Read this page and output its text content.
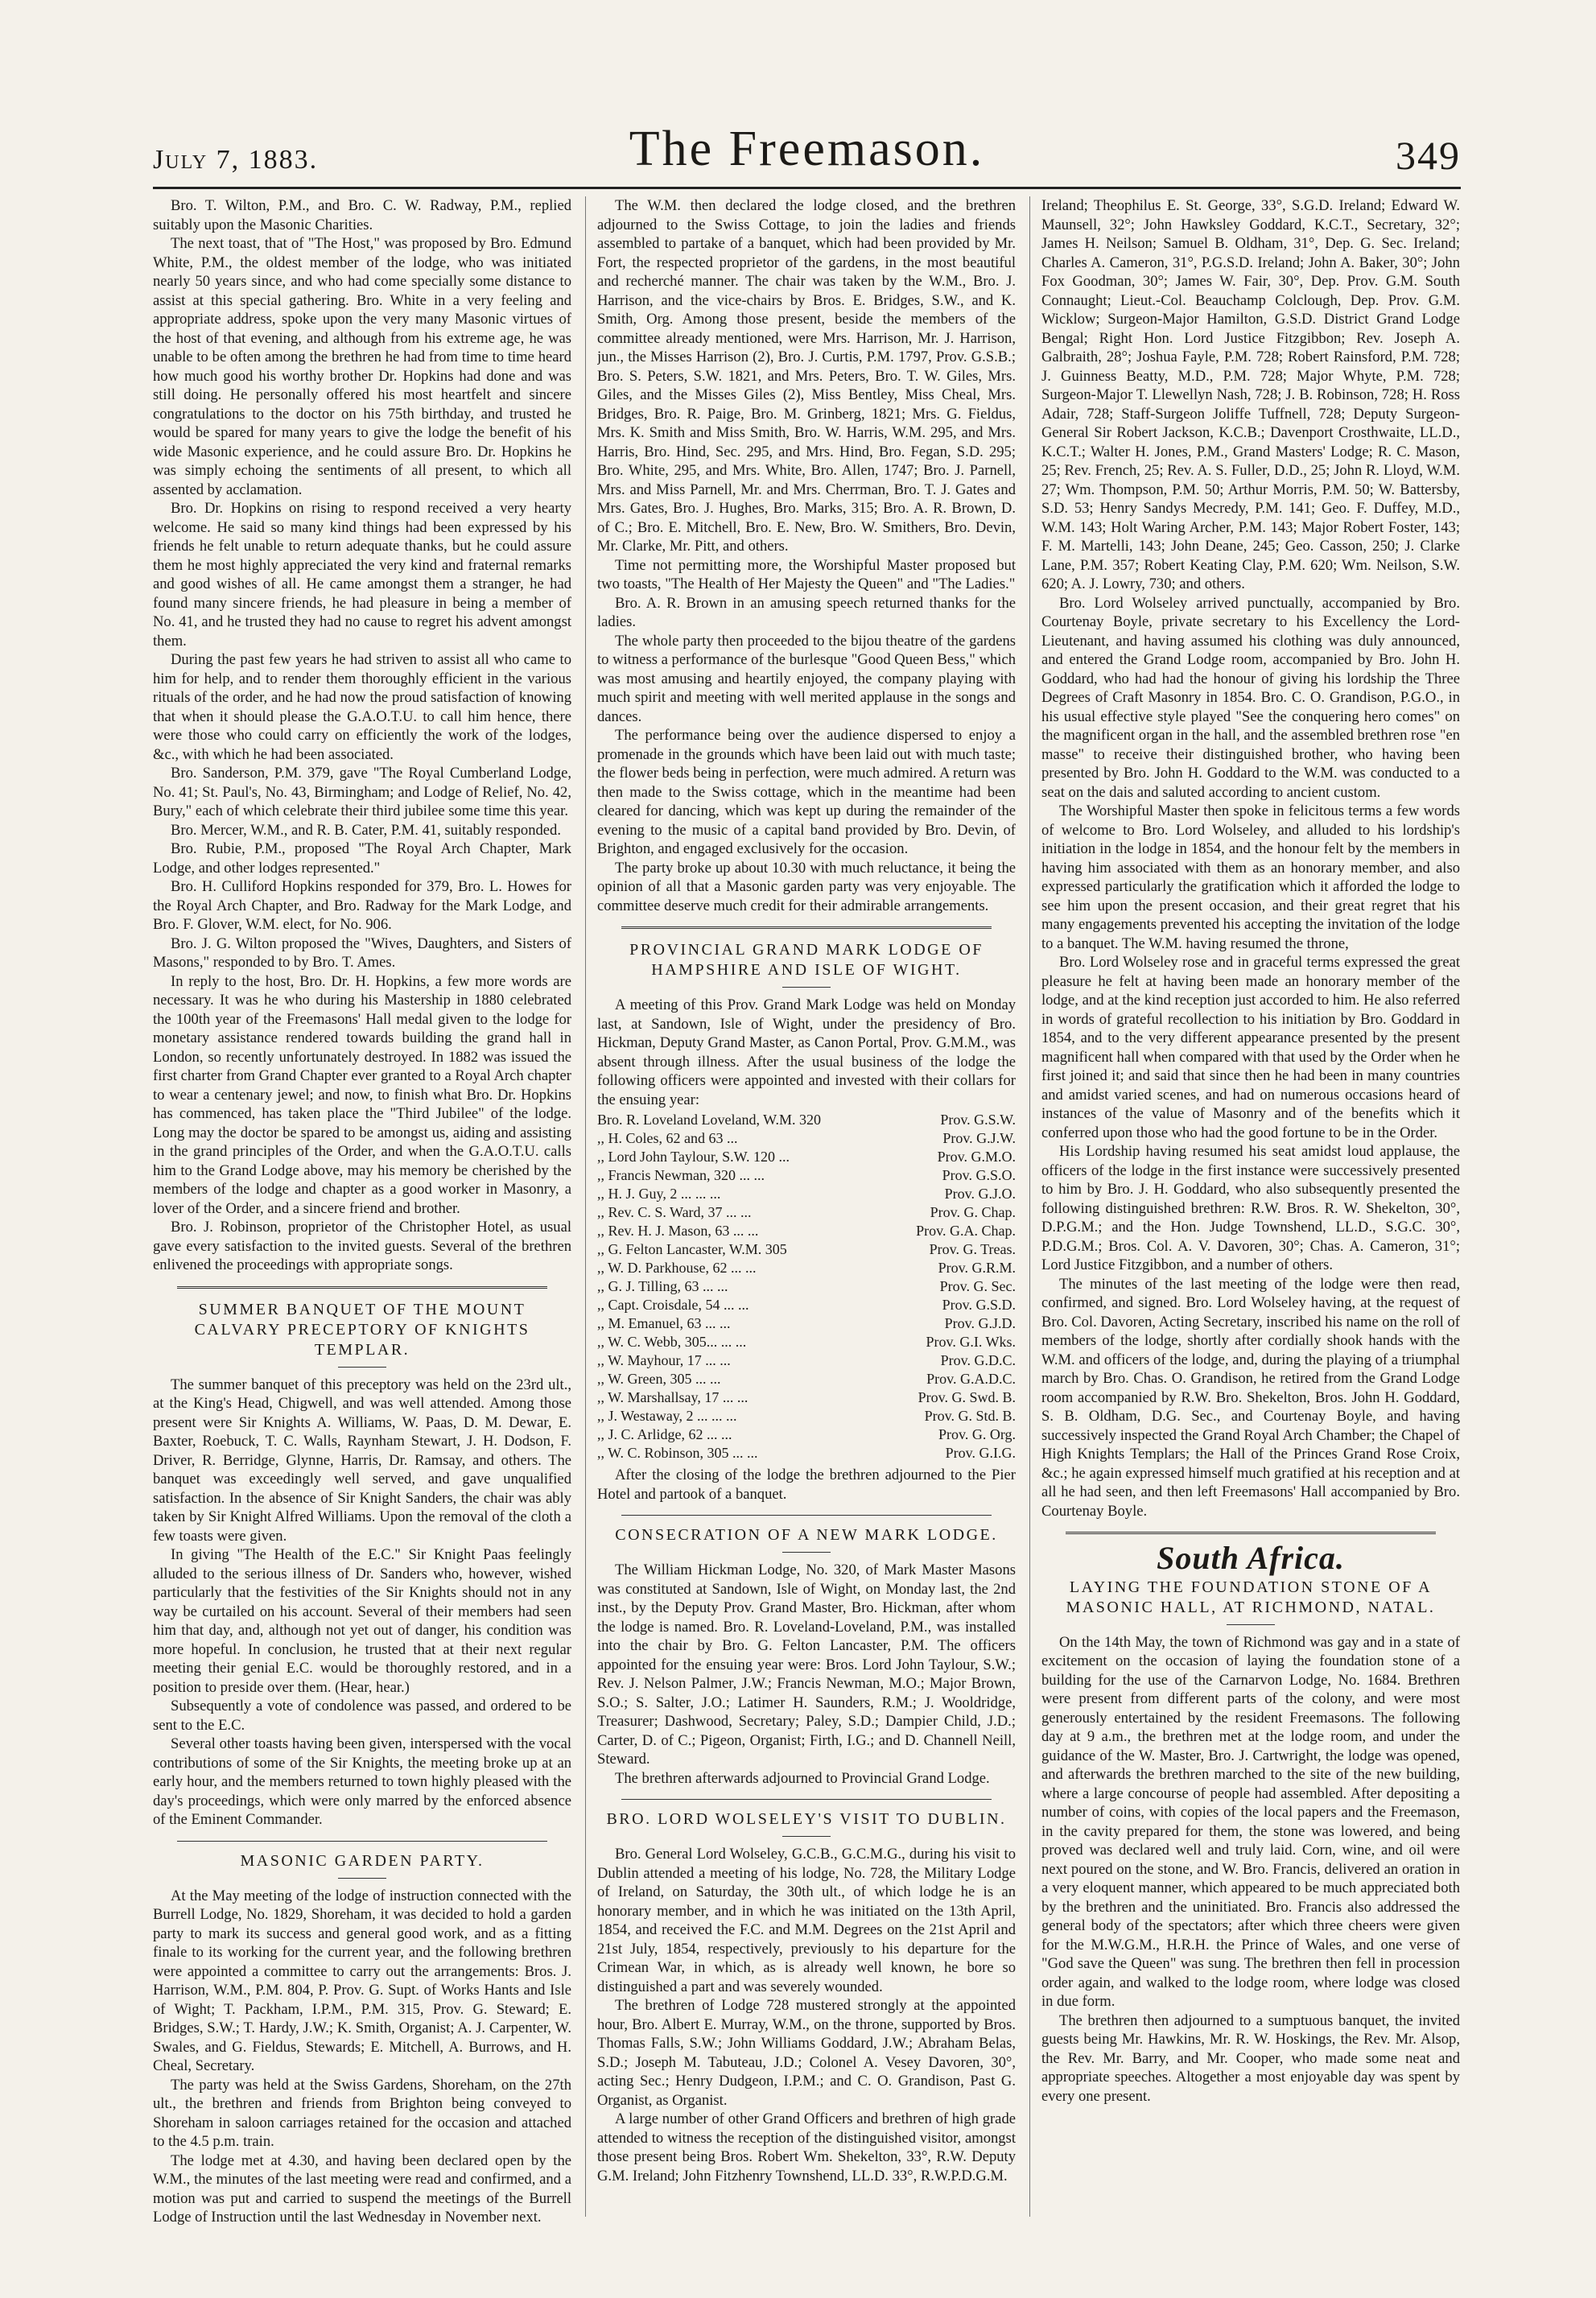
July 7, 1883.	The Freemason.	349

Bro. T. Wilton, P.M., and Bro. C. W. Radway, P.M., replied suitably upon the Masonic Charities.

The next toast, that of "The Host," was proposed by Bro. Edmund White, P.M., the oldest member of the lodge, who was initiated nearly 50 years since, and who had come specially some distance to assist at this special gathering. Bro. White in a very feeling and appropriate address, spoke upon the very many Masonic virtues of the host of that evening, and although from his extreme age, he was unable to be often among the brethren he had from time to time heard how much good his worthy brother Dr. Hopkins had done and was still doing. He personally offered his most heartfelt and sincere congratulations to the doctor on his 75th birthday, and trusted he would be spared for many years to give the lodge the benefit of his wide Masonic experience, and he could assure Bro. Dr. Hopkins he was simply echoing the sentiments of all present, to which all assented by acclamation.

Bro. Dr. Hopkins on rising to respond received a very hearty welcome. He said so many kind things had been expressed by his friends he felt unable to return adequate thanks, but he could assure them he most highly appreciated the very kind and fraternal remarks and good wishes of all. He came amongst them a stranger, he had found many sincere friends, he had pleasure in being a member of No. 41, and he trusted they had no cause to regret his advent amongst them.

During the past few years he had striven to assist all who came to him for help, and to render them thoroughly efficient in the various rituals of the order, and he had now the proud satisfaction of knowing that when it should please the G.A.O.T.U. to call him hence, there were those who could carry on efficiently the work of the lodges, &c., with which he had been associated.

Bro. Sanderson, P.M. 379, gave "The Royal Cumberland Lodge, No. 41; St. Paul's, No. 43, Birmingham; and Lodge of Relief, No. 42, Bury," each of which celebrate their third jubilee some time this year.

Bro. Mercer, W.M., and R. B. Cater, P.M. 41, suitably responded.

Bro. Rubie, P.M., proposed "The Royal Arch Chapter, Mark Lodge, and other lodges represented."

Bro. H. Culliford Hopkins responded for 379, Bro. L. Howes for the Royal Arch Chapter, and Bro. Radway for the Mark Lodge, and Bro. F. Glover, W.M. elect, for No. 906.

Bro. J. G. Wilton proposed the "Wives, Daughters, and Sisters of Masons," responded to by Bro. T. Ames.

In reply to the host, Bro. Dr. H. Hopkins, a few more words are necessary. It was he who during his Mastership in 1880 celebrated the 100th year of the Freemasons' Hall medal given to the lodge for monetary assistance rendered towards building the grand hall in London, so recently unfortunately destroyed. In 1882 was issued the first charter from Grand Chapter ever granted to a Royal Arch chapter to wear a centenary jewel; and now, to finish what Bro. Dr. Hopkins has commenced, has taken place the "Third Jubilee" of the lodge. Long may the doctor be spared to be amongst us, aiding and assisting in the grand principles of the Order, and when the G.A.O.T.U. calls him to the Grand Lodge above, may his memory be cherished by the members of the lodge and chapter as a good worker in Masonry, a lover of the Order, and a sincere friend and brother.

Bro. J. Robinson, proprietor of the Christopher Hotel, as usual gave every satisfaction to the invited guests. Several of the brethren enlivened the proceedings with appropriate songs.

SUMMER BANQUET OF THE MOUNT CALVARY PRECEPTORY OF KNIGHTS TEMPLAR.

The summer banquet of this preceptory was held on the 23rd ult., at the King's Head, Chigwell, and was well attended. Among those present were Sir Knights A. Williams, W. Paas, D. M. Dewar, E. Baxter, Roebuck, T. C. Walls, Raynham Stewart, J. H. Dodson, F. Driver, R. Berridge, Glynne, Harris, Dr. Ramsay, and others. The banquet was exceedingly well served, and gave unqualified satisfaction. In the absence of Sir Knight Sanders, the chair was ably taken by Sir Knight Alfred Williams. Upon the removal of the cloth a few toasts were given.

In giving "The Health of the E.C." Sir Knight Paas feelingly alluded to the serious illness of Dr. Sanders who, however, wished particularly that the festivities of the Sir Knights should not in any way be curtailed on his account. Several of their members had seen him that day, and, although not yet out of danger, his condition was more hopeful. In conclusion, he trusted that at their next regular meeting their genial E.C. would be thoroughly restored, and in a position to preside over them. (Hear, hear.)

Subsequently a vote of condolence was passed, and ordered to be sent to the E.C.

Several other toasts having been given, interspersed with the vocal contributions of some of the Sir Knights, the meeting broke up at an early hour, and the members returned to town highly pleased with the day's proceedings, which were only marred by the enforced absence of the Eminent Commander.

MASONIC GARDEN PARTY.

At the May meeting of the lodge of instruction connected with the Burrell Lodge, No. 1829, Shoreham, it was decided to hold a garden party to mark its success and general good work, and as a fitting finale to its working for the current year, and the following brethren were appointed a committee to carry out the arrangements: Bros. J. Harrison, W.M., P.M. 804, P. Prov. G. Supt. of Works Hants and Isle of Wight; T. Packham, I.P.M., P.M. 315, Prov. G. Steward; E. Bridges, S.W.; T. Hardy, J.W.; K. Smith, Organist; A. J. Carpenter, W. Swales, and G. Fieldus, Stewards; E. Mitchell, A. Burrows, and H. Cheal, Secretary.

The party was held at the Swiss Gardens, Shoreham, on the 27th ult., the brethren and friends from Brighton being conveyed to Shoreham in saloon carriages retained for the occasion and attached to the 4.5 p.m. train.

The lodge met at 4.30, and having been declared open by the W.M., the minutes of the last meeting were read and confirmed, and a motion was put and carried to suspend the meetings of the Burrell Lodge of Instruction until the last Wednesday in November next.

The W.M. then declared the lodge closed, and the brethren adjourned to the Swiss Cottage, to join the ladies and friends assembled to partake of a banquet, which had been provided by Mr. Fort, the respected proprietor of the gardens, in the most beautiful and recherché manner. The chair was taken by the W.M., Bro. J. Harrison, and the vice-chairs by Bros. E. Bridges, S.W., and K. Smith, Org. Among those present, beside the members of the committee already mentioned, were Mrs. Harrison, Mr. J. Harrison, jun., the Misses Harrison (2), Bro. J. Curtis, P.M. 1797, Prov. G.S.B.; Bro. S. Peters, S.W. 1821, and Mrs. Peters, Bro. T. W. Giles, Mrs. Giles, and the Misses Giles (2), Miss Bentley, Miss Cheal, Mrs. Bridges, Bro. R. Paige, Bro. M. Grinberg, 1821; Mrs. G. Fieldus, Mrs. K. Smith and Miss Smith, Bro. W. Harris, W.M. 295, and Mrs. Harris, Bro. Hind, Sec. 295, and Mrs. Hind, Bro. Fegan, S.D. 295; Bro. White, 295, and Mrs. White, Bro. Allen, 1747; Bro. J. Parnell, Mrs. and Miss Parnell, Mr. and Mrs. Cherrman, Bro. T. J. Gates and Mrs. Gates, Bro. J. Hughes, Bro. Marks, 315; Bro. A. R. Brown, D. of C.; Bro. E. Mitchell, Bro. E. New, Bro. W. Smithers, Bro. Devin, Mr. Clarke, Mr. Pitt, and others.

Time not permitting more, the Worshipful Master proposed but two toasts, "The Health of Her Majesty the Queen" and "The Ladies."

Bro. A. R. Brown in an amusing speech returned thanks for the ladies.

The whole party then proceeded to the bijou theatre of the gardens to witness a performance of the burlesque "Good Queen Bess," which was most amusing and heartily enjoyed, the company playing with much spirit and meeting with well merited applause in the songs and dances.

The performance being over the audience dispersed to enjoy a promenade in the grounds which have been laid out with much taste; the flower beds being in perfection, were much admired. A return was then made to the Swiss cottage, which in the meantime had been cleared for dancing, which was kept up during the remainder of the evening to the music of a capital band provided by Bro. Devin, of Brighton, and engaged exclusively for the occasion.

The party broke up about 10.30 with much reluctance, it being the opinion of all that a Masonic garden party was very enjoyable. The committee deserve much credit for their admirable arrangements.

PROVINCIAL GRAND MARK LODGE OF HAMPSHIRE AND ISLE OF WIGHT.

A meeting of this Prov. Grand Mark Lodge was held on Monday last, at Sandown, Isle of Wight, under the presidency of Bro. Hickman, Deputy Grand Master, as Canon Portal, Prov. G.M.M., was absent through illness. After the usual business of the lodge the following officers were appointed and invested with their collars for the ensuing year:

Bro. R. Loveland Loveland, W.M. 320	Prov. G.S.W.
,, H. Coles, 62 and 63 ...	Prov. G.J.W.
,, Lord John Taylour, S.W. 120 ...	Prov. G.M.O.
,, Francis Newman, 320 ... ...	Prov. G.S.O.
,, H. J. Guy, 2 ... ... ...	Prov. G.J.O.
,, Rev. C. S. Ward, 37 ... ...	Prov. G. Chap.
,, Rev. H. J. Mason, 63 ... ...	Prov. G.A. Chap.
,, G. Felton Lancaster, W.M. 305	Prov. G. Treas.
,, W. D. Parkhouse, 62 ... ...	Prov. G.R.M.
,, G. J. Tilling, 63 ... ...	Prov. G. Sec.
,, Capt. Croisdale, 54 ... ...	Prov. G.S.D.
,, M. Emanuel, 63 ... ...	Prov. G.J.D.
,, W. C. Webb, 305... ... ...	Prov. G.I. Wks.
,, W. Mayhour, 17 ... ...	Prov. G.D.C.
,, W. Green, 305 ... ...	Prov. G.A.D.C.
,, W. Marshallsay, 17 ... ...	Prov. G. Swd. B.
,, J. Westaway, 2 ... ... ...	Prov. G. Std. B.
,, J. C. Arlidge, 62 ... ...	Prov. G. Org.
,, W. C. Robinson, 305 ... ...	Prov. G.I.G.

After the closing of the lodge the brethren adjourned to the Pier Hotel and partook of a banquet.

CONSECRATION OF A NEW MARK LODGE.

The William Hickman Lodge, No. 320, of Mark Master Masons was constituted at Sandown, Isle of Wight, on Monday last, the 2nd inst., by the Deputy Prov. Grand Master, Bro. Hickman, after whom the lodge is named. Bro. R. Loveland-Loveland, P.M., was installed into the chair by Bro. G. Felton Lancaster, P.M. The officers appointed for the ensuing year were: Bros. Lord John Taylour, S.W.; Rev. J. Nelson Palmer, J.W.; Francis Newman, M.O.; Major Brown, S.O.; S. Salter, J.O.; Latimer H. Saunders, R.M.; J. Wooldridge, Treasurer; Dashwood, Secretary; Paley, S.D.; Dampier Child, J.D.; Carter, D. of C.; Pigeon, Organist; Firth, I.G.; and D. Channell Neill, Steward.

The brethren afterwards adjourned to Provincial Grand Lodge.

BRO. LORD WOLSELEY'S VISIT TO DUBLIN.

Bro. General Lord Wolseley, G.C.B., G.C.M.G., during his visit to Dublin attended a meeting of his lodge, No. 728, the Military Lodge of Ireland, on Saturday, the 30th ult., of which lodge he is an honorary member, and in which he was initiated on the 13th April, 1854, and received the F.C. and M.M. Degrees on the 21st April and 21st July, 1854, respectively, previously to his departure for the Crimean War, in which, as is already well known, he bore so distinguished a part and was severely wounded.

The brethren of Lodge 728 mustered strongly at the appointed hour, Bro. Albert E. Murray, W.M., on the throne, supported by Bros. Thomas Falls, S.W.; John Williams Goddard, J.W.; Abraham Belas, S.D.; Joseph M. Tabuteau, J.D.; Colonel A. Vesey Davoren, 30°, acting Sec.; Henry Dudgeon, I.P.M.; and C. O. Grandison, Past G. Organist, as Organist.

A large number of other Grand Officers and brethren of high grade attended to witness the reception of the distinguished visitor, amongst those present being Bros. Robert Wm. Shekelton, 33°, R.W. Deputy G.M. Ireland; John Fitzhenry Townshend, LL.D. 33°, R.W.P.D.G.M.

Ireland; Theophilus E. St. George, 33°, S.G.D. Ireland; Edward W. Maunsell, 32°; John Hawksley Goddard, K.C.T., Secretary, 32°; James H. Neilson; Samuel B. Oldham, 31°, Dep. G. Sec. Ireland; Charles A. Cameron, 31°, P.G.S.D. Ireland; John A. Baker, 30°; John Fox Goodman, 30°; James W. Fair, 30°, Dep. Prov. G.M. South Connaught; Lieut.-Col. Beauchamp Colclough, Dep. Prov. G.M. Wicklow; Surgeon-Major Hamilton, G.S.D. District Grand Lodge Bengal; Right Hon. Lord Justice Fitzgibbon; Rev. Joseph A. Galbraith, 28°; Joshua Fayle, P.M. 728; Robert Rainsford, P.M. 728; J. Guinness Beatty, M.D., P.M. 728; Major Whyte, P.M. 728; Surgeon-Major T. Llewellyn Nash, 728; J. B. Robinson, 728; H. Ross Adair, 728; Staff-Surgeon Joliffe Tuffnell, 728; Deputy Surgeon-General Sir Robert Jackson, K.C.B.; Davenport Crosthwaite, LL.D., K.C.T.; Walter H. Jones, P.M., Grand Masters' Lodge; R. C. Mason, 25; Rev. French, 25; Rev. A. S. Fuller, D.D., 25; John R. Lloyd, W.M. 27; Wm. Thompson, P.M. 50; Arthur Morris, P.M. 50; W. Battersby, S.D. 53; Henry Sandys Mecredy, P.M. 141; Geo. F. Duffey, M.D., W.M. 143; Holt Waring Archer, P.M. 143; Major Robert Foster, 143; F. M. Martelli, 143; John Deane, 245; Geo. Casson, 250; J. Clarke Lane, P.M. 357; Robert Keating Clay, P.M. 620; Wm. Neilson, S.W. 620; A. J. Lowry, 730; and others.

Bro. Lord Wolseley arrived punctually, accompanied by Bro. Courtenay Boyle, private secretary to his Excellency the Lord-Lieutenant, and having assumed his clothing was duly announced, and entered the Grand Lodge room, accompanied by Bro. John H. Goddard, who had had the honour of giving his lordship the Three Degrees of Craft Masonry in 1854. Bro. C. O. Grandison, P.G.O., in his usual effective style played "See the conquering hero comes" on the magnificent organ in the hall, and the assembled brethren rose "en masse" to receive their distinguished brother, who having been presented by Bro. John H. Goddard to the W.M. was conducted to a seat on the dais and saluted according to ancient custom.

The Worshipful Master then spoke in felicitous terms a few words of welcome to Bro. Lord Wolseley, and alluded to his lordship's initiation in the lodge in 1854, and the honour felt by the members in having him associated with them as an honorary member, and also expressed particularly the gratification which it afforded the lodge to see him upon the present occasion, and their great regret that his many engagements prevented his accepting the invitation of the lodge to a banquet. The W.M. having resumed the throne,

Bro. Lord Wolseley rose and in graceful terms expressed the great pleasure he felt at having been made an honorary member of the lodge, and at the kind reception just accorded to him. He also referred in words of grateful recollection to his initiation by Bro. Goddard in 1854, and to the very different appearance presented by the present magnificent hall when compared with that used by the Order when he first joined it; and said that since then he had been in many countries and amidst varied scenes, and had on numerous occasions heard of instances of the value of Masonry and of the benefits which it conferred upon those who had the good fortune to be in the Order.

His Lordship having resumed his seat amidst loud applause, the officers of the lodge in the first instance were successively presented to him by Bro. J. H. Goddard, who also subsequently presented the following distinguished brethren: R.W. Bros. R. W. Shekelton, 30°, D.P.G.M.; and the Hon. Judge Townshend, LL.D., S.G.C. 30°, P.D.G.M.; Bros. Col. A. V. Davoren, 30°; Chas. A. Cameron, 31°; Lord Justice Fitzgibbon, and a number of others.

The minutes of the last meeting of the lodge were then read, confirmed, and signed. Bro. Lord Wolseley having, at the request of Bro. Col. Davoren, Acting Secretary, inscribed his name on the roll of members of the lodge, shortly after cordially shook hands with the W.M. and officers of the lodge, and, during the playing of a triumphal march by Bro. Chas. O. Grandison, he retired from the Grand Lodge room accompanied by R.W. Bro. Shekelton, Bros. John H. Goddard, S. B. Oldham, D.G. Sec., and Courtenay Boyle, and having successively inspected the Grand Royal Arch Chamber; the Chapel of High Knights Templars; the Hall of the Princes Grand Rose Croix, &c.; he again expressed himself much gratified at his reception and at all he had seen, and then left Freemasons' Hall accompanied by Bro. Courtenay Boyle.

South Africa.
LAYING THE FOUNDATION STONE OF A MASONIC HALL, AT RICHMOND, NATAL.

On the 14th May, the town of Richmond was gay and in a state of excitement on the occasion of laying the foundation stone of a building for the use of the Carnarvon Lodge, No. 1684. Brethren were present from different parts of the colony, and were most generously entertained by the resident Freemasons. The following day at 9 a.m., the brethren met at the lodge room, and under the guidance of the W. Master, Bro. J. Cartwright, the lodge was opened, and afterwards the brethren marched to the site of the new building, where a large concourse of people had assembled. After depositing a number of coins, with copies of the local papers and the Freemason, in the cavity prepared for them, the stone was lowered, and being proved was declared well and truly laid. Corn, wine, and oil were next poured on the stone, and W. Bro. Francis, delivered an oration in a very eloquent manner, which appeared to be much appreciated both by the brethren and the uninitiated. Bro. Francis also addressed the general body of the spectators; after which three cheers were given for the M.W.G.M., H.R.H. the Prince of Wales, and one verse of "God save the Queen" was sung. The brethren then fell in procession order again, and walked to the lodge room, where lodge was closed in due form.

The brethren then adjourned to a sumptuous banquet, the invited guests being Mr. Hawkins, Mr. R. W. Hoskings, the Rev. Mr. Alsop, the Rev. Mr. Barry, and Mr. Cooper, who made some neat and appropriate speeches. Altogether a most enjoyable day was spent by every one present.
